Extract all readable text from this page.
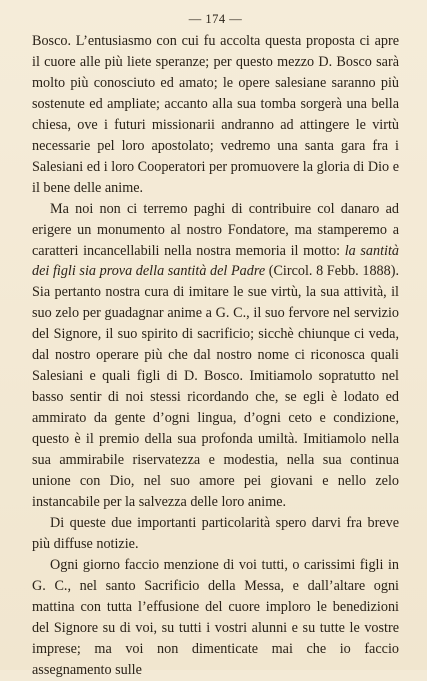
— 174 —

Bosco. L’entusiasmo con cui fu accolta questa proposta ci apre il cuore alle più liete speranze; per questo mezzo D. Bosco sarà molto più conosciuto ed amato; le opere salesiane saranno più sostenute ed ampliate; accanto alla sua tomba sorgerà una bella chiesa, ove i futuri missionarii andranno ad attingere le virtù necessarie pel loro apostolato; vedremo una santa gara fra i Salesiani ed i loro Cooperatori per promuovere la gloria di Dio e il bene delle anime.

Ma noi non ci terremo paghi di contribuire col danaro ad erigere un monumento al nostro Fondatore, ma stamperemo a caratteri incancellabili nella nostra memoria il motto: la santità dei figli sia prova della santità del Padre (Circol. 8 Febb. 1888). Sia pertanto nostra cura di imitare le sue virtù, la sua attività, il suo zelo per guadagnar anime a G. C., il suo fervore nel servizio del Signore, il suo spirito di sacrificio; sicchè chiunque ci veda, dal nostro operare più che dal nostro nome ci riconosca quali Salesiani e quali figli di D. Bosco. Imitiamolo sopratutto nel basso sentir di noi stessi ricordando che, se egli è lodato ed ammirato da gente d’ogni lingua, d’ogni ceto e condizione, questo è il premio della sua profonda umiltà. Imitiamolo nella sua ammirabile riservatezza e modestia, nella sua continua unione con Dio, nel suo amore pei giovani e nello zelo instancabile per la salvezza delle loro anime.

Di queste due importanti particolarità spero darvi fra breve più diffuse notizie.

Ogni giorno faccio menzione di voi tutti, o carissimi figli in G. C., nel santo Sacrificio della Messa, e dall’altare ogni mattina con tutta l’effusione del cuore imploro le benedizioni del Signore su di voi, su tutti i vostri alunni e su tutte le vostre imprese; ma voi non dimenticate mai che io faccio assegnamento sulle
